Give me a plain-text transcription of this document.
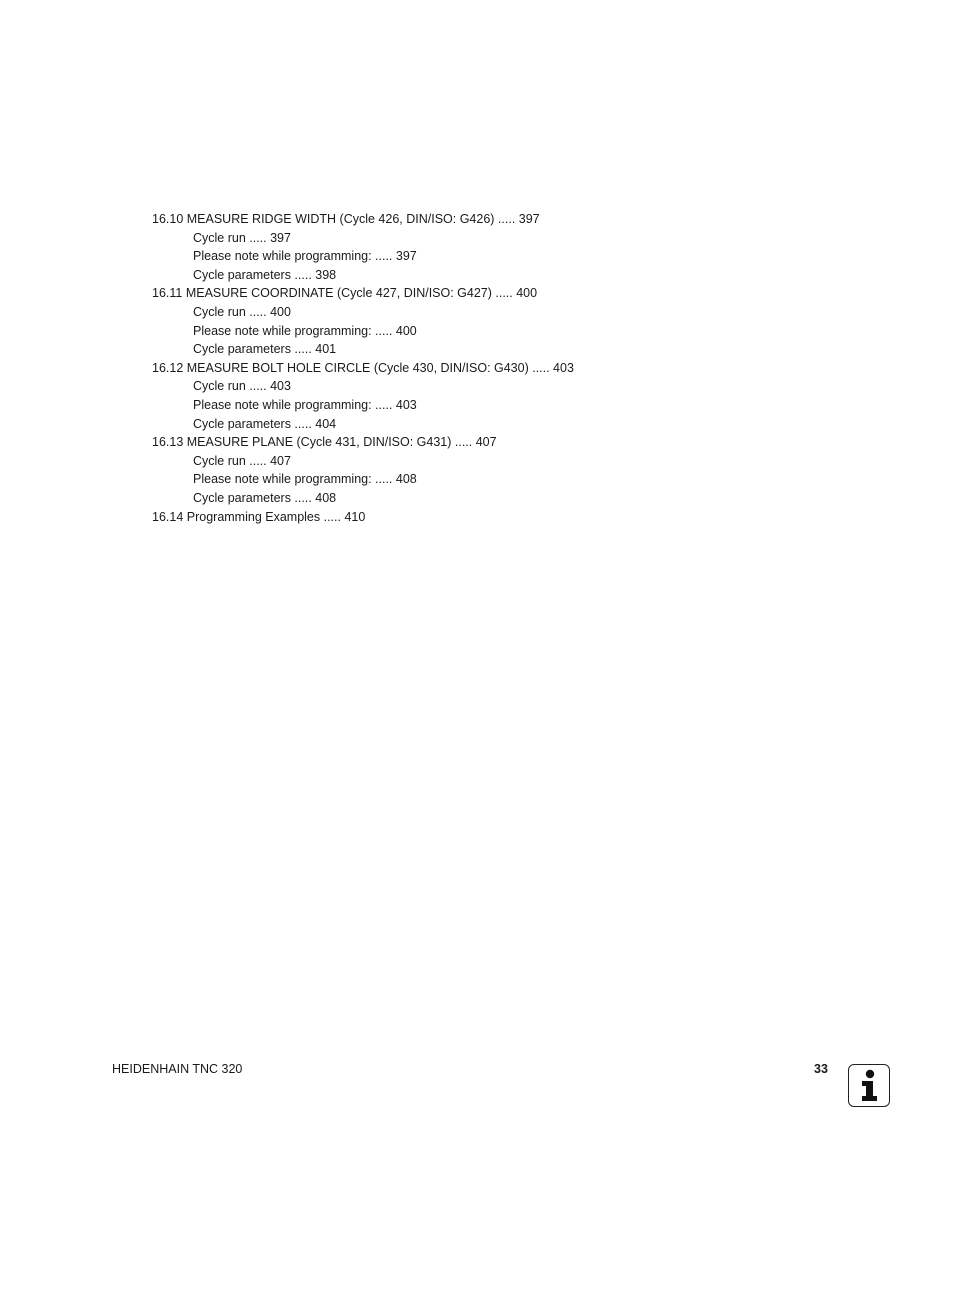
16.10 MEASURE RIDGE WIDTH (Cycle 426, DIN/ISO: G426) ..... 397
Cycle run ..... 397
Please note while programming: ..... 397
Cycle parameters ..... 398
16.11 MEASURE COORDINATE (Cycle 427, DIN/ISO: G427) ..... 400
Cycle run ..... 400
Please note while programming: ..... 400
Cycle parameters ..... 401
16.12 MEASURE BOLT HOLE CIRCLE (Cycle 430, DIN/ISO: G430) ..... 403
Cycle run ..... 403
Please note while programming: ..... 403
Cycle parameters ..... 404
16.13 MEASURE PLANE (Cycle 431, DIN/ISO: G431) ..... 407
Cycle run ..... 407
Please note while programming: ..... 408
Cycle parameters ..... 408
16.14 Programming Examples ..... 410
HEIDENHAIN TNC 320	33
